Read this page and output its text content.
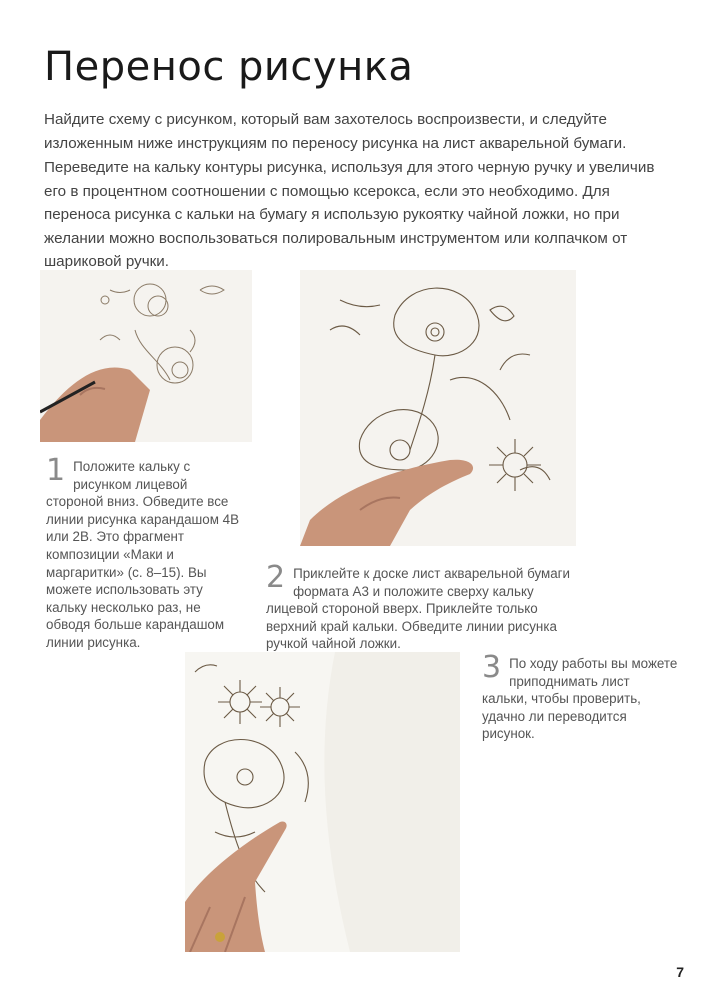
Перенос рисунка

Найдите схему с рисунком, который вам захотелось воспроизвести, и следуйте изложенным ниже инструкциям по переносу рисунка на лист акварельной бумаги.

Переведите на кальку контуры рисунка, используя для этого черную ручку и увеличив его в процентном соотношении с помощью ксерокса, если это необходимо. Для переноса рисунка с кальки на бумагу я использую рукоятку чайной ложки, но при желании можно воспользоваться полировальным инструментом или колпачком от шариковой ручки.

1 Положите кальку с рисунком лицевой стороной вниз. Обведите все линии рисунка карандашом 4В или 2В. Это фрагмент композиции «Маки и маргаритки» (с. 8–15). Вы можете использовать эту кальку несколько раз, не обводя больше карандашом линии рисунка.
2 Приклейте к доске лист акварельной бумаги формата А3 и положите сверху кальку лицевой стороной вверх. Приклейте только верхний край кальки. Обведите линии рисунка ручкой чайной ложки.
3 По ходу работы вы можете приподнимать лист кальки, чтобы проверить, удачно ли переводится рисунок.
7
